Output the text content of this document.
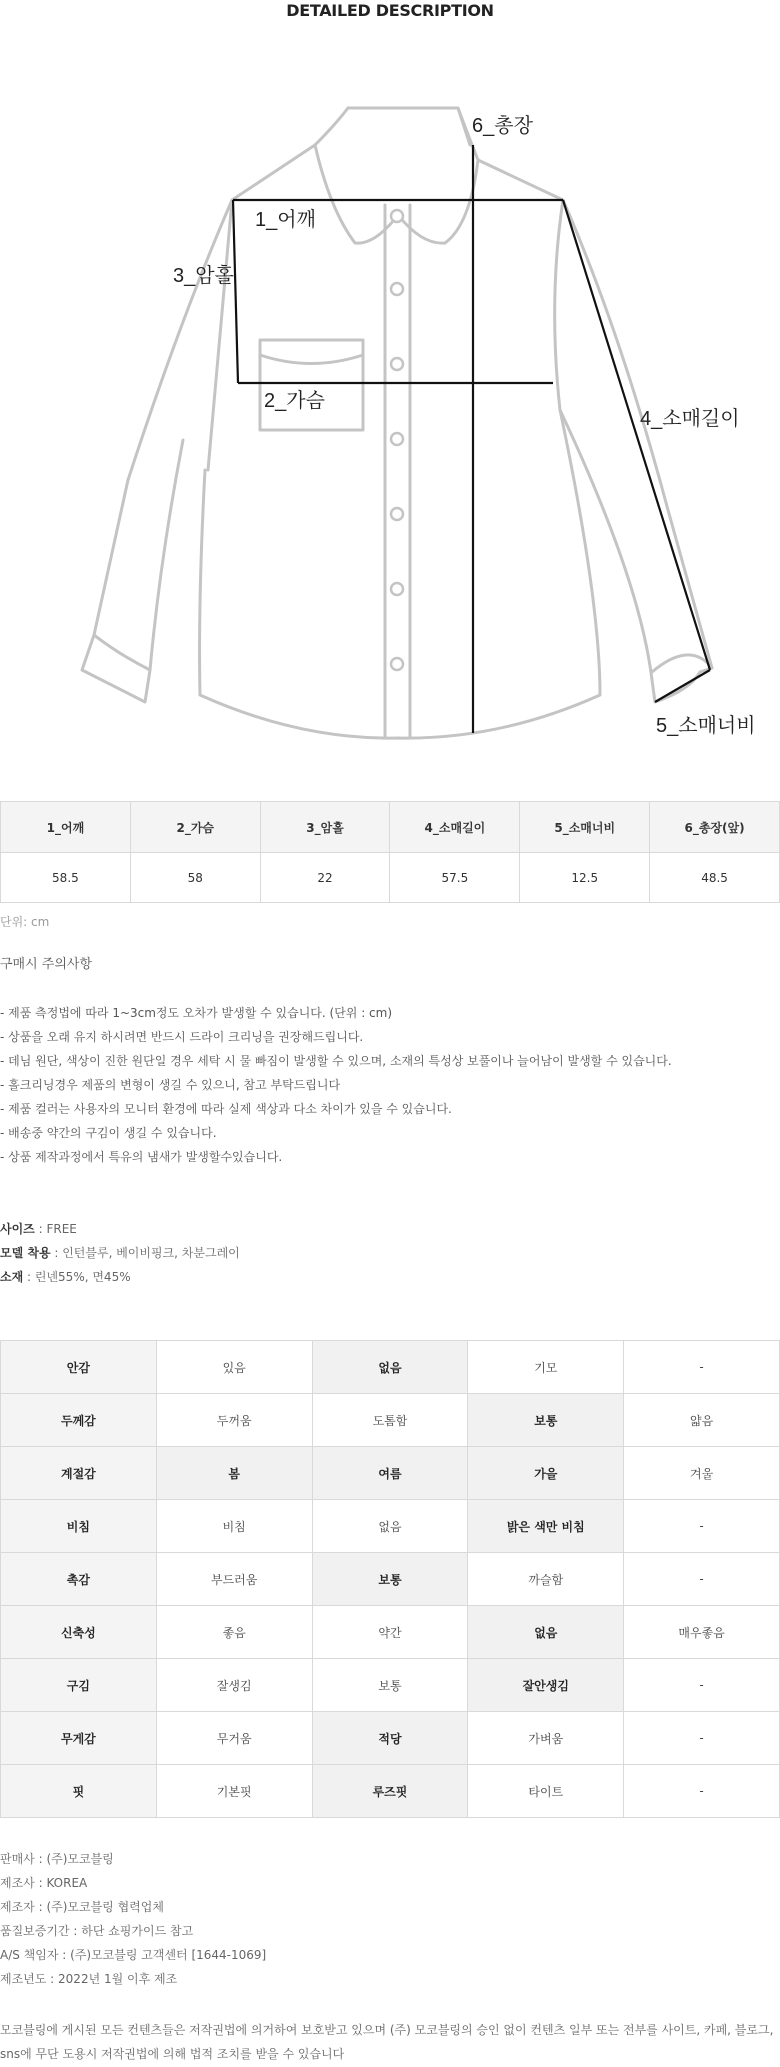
DETAILED DESCRIPTION
1_어깨
3_암홀
2_가슴
6_총장
4_소매길이
5_소매너비
1_어깨	2_가슴	3_암홀	4_소매길이	5_소매너비	6_총장(앞)
58.5	58	22	57.5	12.5	48.5
단위: cm
구매시 주의사항
- 제품 측정법에 따라 1~3cm정도 오차가 발생할 수 있습니다. (단위 : cm)
- 상품을 오래 유지 하시려면 반드시 드라이 크리닝을 권장해드립니다.
- 데님 원단, 색상이 진한 원단일 경우 세탁 시 물 빠짐이 발생할 수 있으며, 소재의 특성상 보풀이나 늘어남이 발생할 수 있습니다.
- 홀크리닝경우 제품의 변형이 생길 수 있으니, 참고 부탁드립니다
- 제품 컬러는 사용자의 모니터 환경에 따라 실제 색상과 다소 차이가 있을 수 있습니다.
- 배송중 약간의 구김이 생길 수 있습니다.
- 상품 제작과정에서 특유의 냄새가 발생할수있습니다.
사이즈 : FREE
모델 착용 : 인턴블루, 베이비핑크, 차분그레이
소재 : 린넨55%, 면45%
안감	있음	없음	기모	-
두께감	두꺼움	도톰함	보통	얇음
계절감	봄	여름	가을	겨울
비침	비침	없음	밝은 색만 비침	-
촉감	부드러움	보통	까슬함	-
신축성	좋음	약간	없음	매우좋음
구김	잘생김	보통	잘안생김	-
무게감	무거움	적당	가벼움	-
핏	기본핏	루즈핏	타이트	-
판매사 : (주)모코블링
제조사 : KOREA
제조자 : (주)모코블링 협력업체
품질보증기간 : 하단 쇼핑가이드 참고
A/S 책임자 : (주)모코블링 고객센터 [1644-1069]
제조년도 : 2022년 1월 이후 제조
모코블링에 게시된 모든 컨텐츠들은 저작권법에 의거하여 보호받고 있으며 (주) 모코블링의 승인 없이 컨텐츠 일부 또는 전부를 사이트, 카페, 블로그, sns에 무단 도용시 저작권법에 의해 법적 조치를 받을 수 있습니다
